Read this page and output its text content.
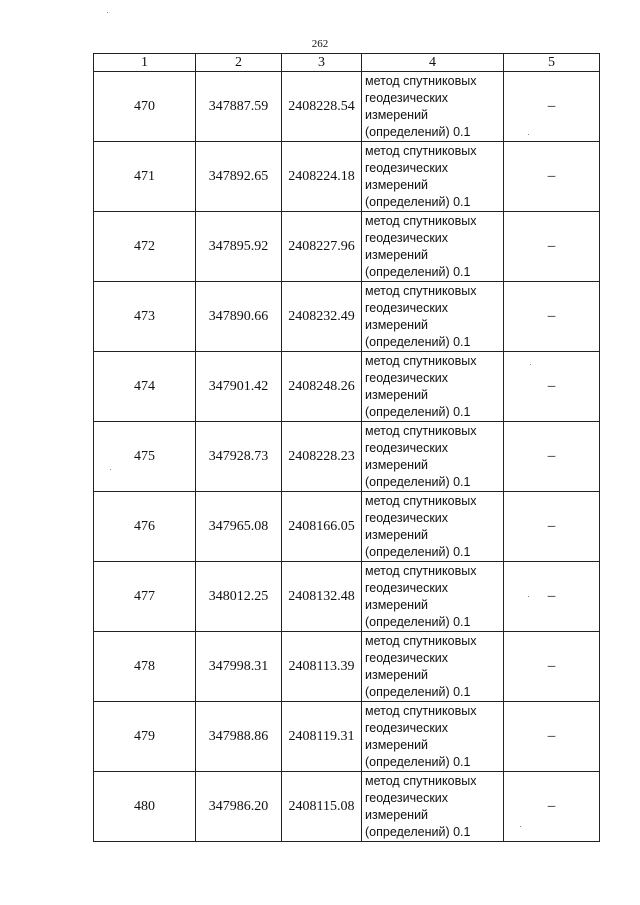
262
1	2	3	4	5
470	347887.59	2408228.54	метод спутниковых
геодезических
измерений
(определений) 0.1	–
471	347892.65	2408224.18	метод спутниковых
геодезических
измерений
(определений) 0.1	–
472	347895.92	2408227.96	метод спутниковых
геодезических
измерений
(определений) 0.1	–
473	347890.66	2408232.49	метод спутниковых
геодезических
измерений
(определений) 0.1	–
474	347901.42	2408248.26	метод спутниковых
геодезических
измерений
(определений) 0.1	–
475	347928.73	2408228.23	метод спутниковых
геодезических
измерений
(определений) 0.1	–
476	347965.08	2408166.05	метод спутниковых
геодезических
измерений
(определений) 0.1	–
477	348012.25	2408132.48	метод спутниковых
геодезических
измерений
(определений) 0.1	–
478	347998.31	2408113.39	метод спутниковых
геодезических
измерений
(определений) 0.1	–
479	347988.86	2408119.31	метод спутниковых
геодезических
измерений
(определений) 0.1	–
480	347986.20	2408115.08	метод спутниковых
геодезических
измерений
(определений) 0.1	–
